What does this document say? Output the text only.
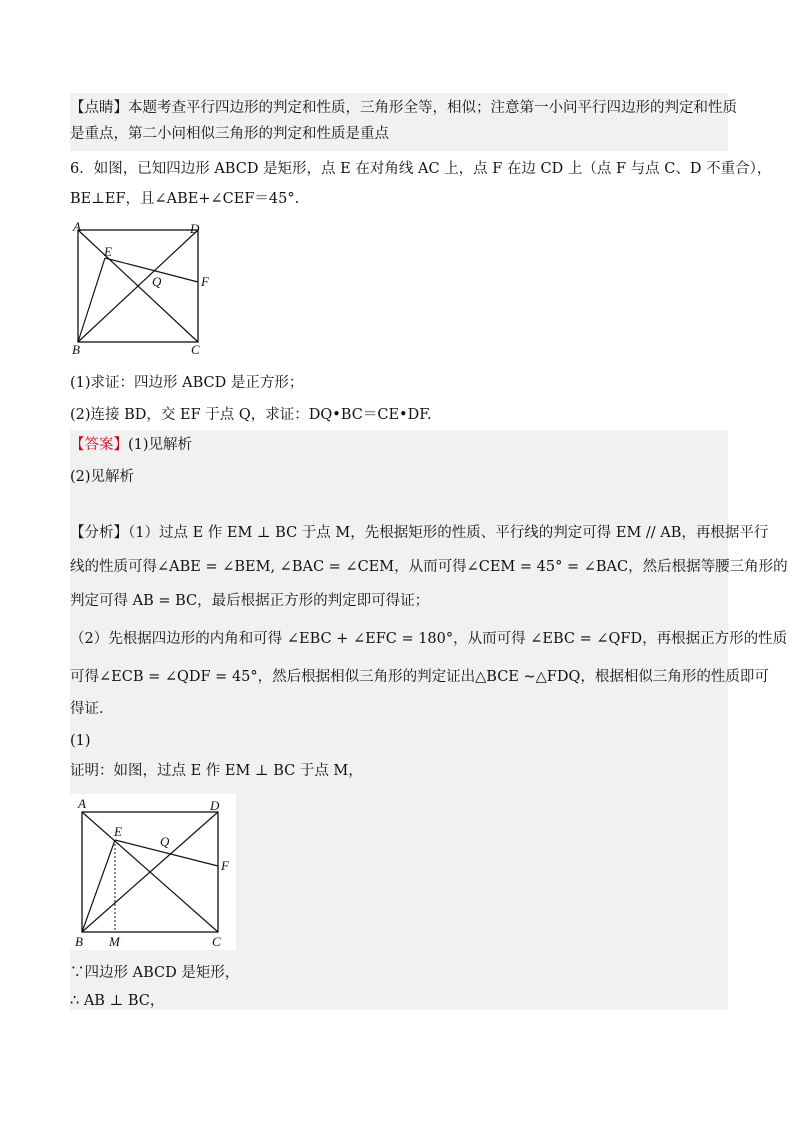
【点睛】本题考查平行四边形的判定和性质，三角形全等，相似；注意第一小问平行四边形的判定和性质
是重点，第二小问相似三角形的判定和性质是重点
6．如图，已知四边形 ABCD 是矩形，点 E 在对角线 AC 上，点 F 在边 CD 上（点 F 与点 C、D 不重合），
BE⊥EF，且∠ABE+∠CEF＝45°.
A	D
E
Q	F
B	C
(1)求证：四边形 ABCD 是正方形；
(2)连接 BD，交 EF 于点 Q，求证：DQ•BC＝CE•DF.
【答案】(1)见解析
(2)见解析
【分析】（1）过点 E 作 EM ⊥ BC 于点 M，先根据矩形的性质、平行线的判定可得 EM // AB，再根据平行
线的性质可得∠ABE = ∠BEM, ∠BAC = ∠CEM，从而可得∠CEM = 45° = ∠BAC，然后根据等腰三角形的
判定可得 AB = BC，最后根据正方形的判定即可得证；
（2）先根据四边形的内角和可得 ∠EBC + ∠EFC = 180°，从而可得 ∠EBC = ∠QFD，再根据正方形的性质
可得∠ECB = ∠QDF = 45°，然后根据相似三角形的判定证出△BCE ∼△FDQ，根据相似三角形的性质即可
得证.
(1)
证明：如图，过点 E 作 EM ⊥ BC 于点 M，
A	D
E
Q
F
B M	C
∵四边形 ABCD 是矩形，
∴ AB ⊥ BC，
